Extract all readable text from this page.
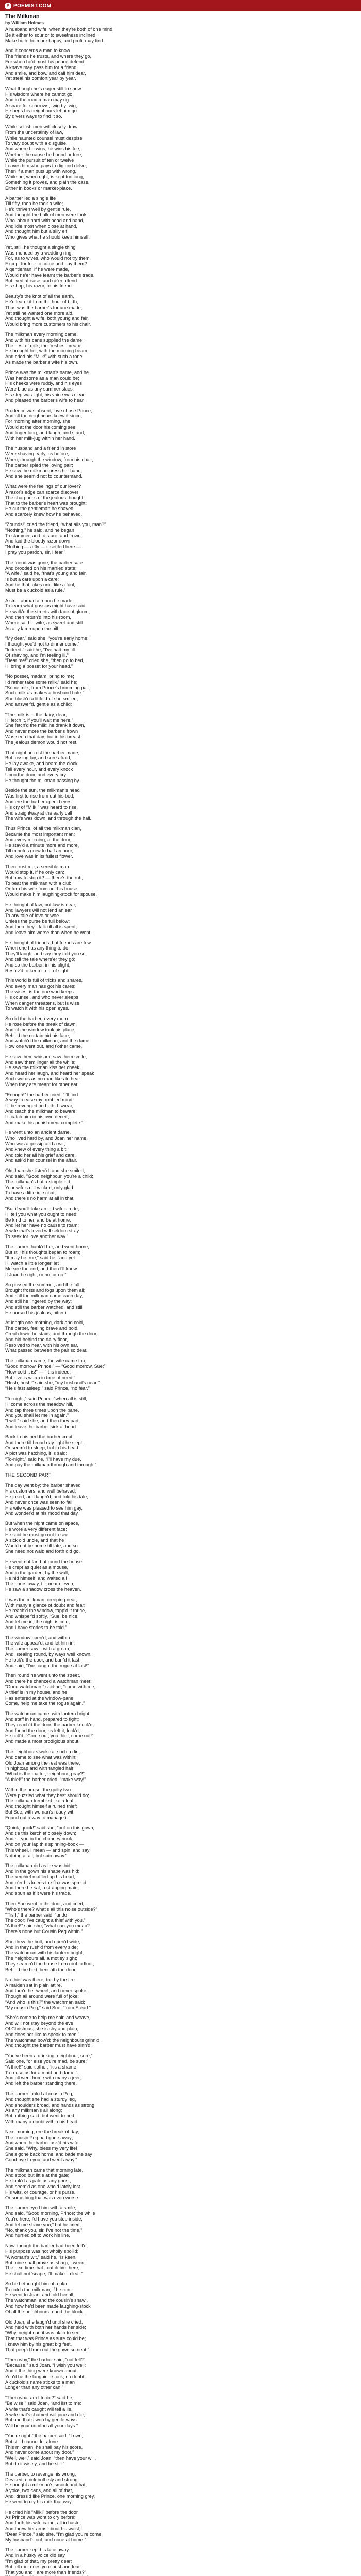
P POEMIST.COM
The Milkman
by William Holmes
A husband and wife, when they're both of one mind,
Be it either to sour or to sweetness inclined,
Make both the more happy, and profit may find.
And it concerns a man to know
The friends he trusts, and where they go,
For when he'd most his peace defend,
A knave may pass him for a friend,
And smile, and bow, and call him dear,
Yet steal his comfort year by year.
What though he's eager still to show
His wisdom where he cannot go,
And in the road a man may rig
A snare for sparrows, twig by twig,
He begs his neighbours let him go
By divers ways to find it so.
While selfish men will closely draw
From the uncertainty of law,
While haunted counsel must despise
To vary doubt with a disguise,
And where he wins, he wins his fee,
Whether the cause be bound or free;
While the pursuit of ten or twelve
Leaves him who pays to dig and delve;
Then if a man puts up with wrong,
While he, when right, is kept too long,
Something it proves, and plain the case,
Either in books or market-place.
A barber led a single life
Till fifty, then he took a wife;
He'd thriven well by gentle rule,
And thought the bulk of men were fools,
Who labour hard with head and hand,
And idle most when close at hand,
And thought him but a silly elf
Who gives what he should keep himself.
Yet, still, he thought a single thing
Was mended by a wedding ring;
For, as to wives, who would not try them,
Except for fear to come and buy them?
A gentleman, if he were made,
Would ne'er have learnt the barber's trade,
But lived at ease, and ne'er attend
His shop, his razor, or his friend.
Beauty's the knot of all the earth,
He'd learnt it from the hour of birth;
Thus was the barber's fortune made,
Yet still he wanted one more aid,
And thought a wife, both young and fair,
Would bring more customers to his chair.
The milkman every morning came,
And with his cans supplied the dame;
The best of milk, the freshest cream,
He brought her, with the morning beam,
And cried his “Milk!” with such a tone
As made the barber's wife his own.
Prince was the milkman's name, and he
Was handsome as a man could be;
His cheeks were ruddy, and his eyes
Were blue as any summer skies;
His step was light, his voice was clear,
And pleased the barber's wife to hear.
Prudence was absent, love chose Prince,
And all the neighbours knew it since;
For morning after morning, she
Would at the door his coming see,
And linger long, and laugh, and stand,
With her milk-jug within her hand.
The husband and a friend in store
Were shaving early, as before,
When, through the window, from his chair,
The barber spied the loving pair;
He saw the milkman press her hand,
And she seem'd not to countermand.
What were the feelings of our lover?
A razor's edge can scarce discover
The sharpness of the jealous thought
That to the barber's heart was brought;
He cut the gentleman he shaved,
And scarcely knew how he behaved.
“Zounds!” cried the friend, “what ails you, man?”
“Nothing,” he said, and he began
To stammer, and to stare, and frown,
And laid the bloody razor down;
“Nothing — a fly — it settled here —
I pray you pardon, sir, I fear.”
The friend was gone; the barber sate
And brooded on his married state;
“A wife,” said he, “that's young and fair,
Is but a care upon a care;
And he that takes one, like a fool,
Must be a cuckold as a rule.”
A stroll abroad at noon he made,
To learn what gossips might have said;
He walk'd the streets with face of gloom,
And then return'd into his room,
Where sat his wife, as sweet and still
As any lamb upon the hill.
“My dear,” said she, “you're early home;
I thought you'd not to dinner come.”
“Indeed,” said he, “I've had my fill
Of shaving, and I'm feeling ill.”
“Dear me!” cried she, “then go to bed,
I'll bring a posset for your head.”
“No posset, madam, bring to me;
I'd rather take some milk,” said he;
“Some milk, from Prince's brimming pail,
Such milk as makes a husband hale.”
She blush'd a little, but she smiled,
And answer'd, gentle as a child:
“The milk is in the dairy, dear,
I'll fetch it, if you'll wait me here.”
She fetch'd the milk; he drank it down,
And never more the barber's frown
Was seen that day; but in his breast
The jealous demon would not rest.
That night no rest the barber made,
But tossing lay, and sore afraid;
He lay awake, and heard the clock
Tell every hour, and every knock
Upon the door, and every cry
He thought the milkman passing by.
Beside the sun, the milkman's head
Was first to rise from out his bed;
And ere the barber open'd eyes,
His cry of “Milk!” was heard to rise,
And straightway at the early call
The wife was down, and through the hall.
Thus Prince, of all the milkman clan,
Became the most important man;
And every morning, at the door,
He stay'd a minute more and more,
Till minutes grew to half an hour,
And love was in its fullest flower.
Then trust me, a sensible man
Would stop it, if he only can;
But how to stop it? — there's the rub;
To beat the milkman with a club,
Or turn his wife from out his house,
Would make him laughing-stock for spouse.
He thought of law; but law is dear,
And lawyers will not lend an ear
To any tale of love or woe
Unless the purse be full below;
And then they'll talk till all is spent,
And leave him worse than when he went.
He thought of friends; but friends are few
When one has any thing to do;
They'll laugh, and say they told you so,
And tell the tale where'er they go;
And so the barber, in his plight,
Resolv'd to keep it out of sight.
This world is full of tricks and snares,
And every man has got his cares;
The wisest is the one who keeps
His counsel, and who never sleeps
When danger threatens, but is wise
To watch it with his open eyes.
So did the barber: every morn
He rose before the break of dawn,
And at the window took his place,
Behind the curtain hid his face,
And watch'd the milkman, and the dame,
How one went out, and t'other came.
He saw them whisper, saw them smile,
And saw them linger all the while;
He saw the milkman kiss her cheek,
And heard her laugh, and heard her speak
Such words as no man likes to hear
When they are meant for other ear.
“Enough!” the barber cried; “I'll find
A way to ease my troubled mind;
I'll be revenged on both, I swear,
And teach the milkman to beware;
I'll catch him in his own deceit,
And make his punishment complete.”
He went unto an ancient dame,
Who lived hard by, and Joan her name,
Who was a gossip and a wit,
And knew of every thing a bit;
And told her all his grief and care,
And ask'd her counsel in the affair.
Old Joan she listen'd, and she smiled,
And said, “Good neighbour, you're a child;
The milkman's but a simple lad,
Your wife's not wicked, only glad
To have a little idle chat,
And there's no harm at all in that.
“But if you'll take an old wife's rede,
I'll tell you what you ought to need:
Be kind to her, and be at home,
And let her have no cause to roam;
A wife that's loved will seldom stray
To seek for love another way.”
The barber thank'd her, and went home,
But still his thoughts began to roam;
“It may be true,” said he, “and yet
I'll watch a little longer, let
Me see the end, and then I'll know
If Joan be right, or no, or no.”
So passed the summer, and the fall
Brought frosts and fogs upon them all;
And still the milkman came each day,
And still he lingered by the way;
And still the barber watched, and still
He nursed his jealous, bitter ill.
At length one morning, dark and cold,
The barber, feeling brave and bold,
Crept down the stairs, and through the door,
And hid behind the dairy floor,
Resolved to hear, with his own ear,
What passed between the pair so dear.
The milkman came; the wife came too;
“Good morrow, Prince,” — “Good morrow, Sue;”
“How cold it is!” — “It is indeed;
But love is warm in time of need.”
“Hush, hush!” said she, “my husband's near;”
“He's fast asleep,” said Prince, “no fear.”
“To-night,” said Prince, “when all is still,
I'll come across the meadow hill,
And tap three times upon the pane,
And you shall let me in again.”
“I will,” said she; and then they part,
And leave the barber sick at heart.
Back to his bed the barber crept,
And there till broad day-light he slept,
Or seem'd to sleep; but in his head
A plot was hatching, it is said:
“To-night,” said he, “I'll have my due,
And pay the milkman through and through.”
THE SECOND PART
The day went by; the barber shaved
His customers, and well behaved;
He joked, and laugh'd, and told his tale,
And never once was seen to fail;
His wife was pleased to see him gay,
And wonder'd at his mood that day.
But when the night came on apace,
He wore a very different face;
He said he must go out to see
A sick old uncle, and that he
Would not be home till late, and so
She need not wait; and forth did go.
He went not far; but round the house
He crept as quiet as a mouse,
And in the garden, by the wall,
He hid himself, and waited all
The hours away, till, near eleven,
He saw a shadow cross the heaven.
It was the milkman, creeping near,
With many a glance of doubt and fear;
He reach'd the window, tapp'd it thrice,
And whisper'd softly, “Sue, be nice,
And let me in, the night is cold,
And I have stories to be told.”
The window open'd; and within
The wife appear'd, and let him in;
The barber saw it with a groan,
And, stealing round, by ways well known,
He lock'd the door, and barr'd it fast,
And said, “I've caught the rogue at last!”
Then round he went unto the street,
And there he chanced a watchman meet;
“Good watchman,” said he, “come with me,
A thief is in my house, and he
Has entered at the window-pane;
Come, help me take the rogue again.”
The watchman came, with lantern bright,
And staff in hand, prepared to fight;
They reach'd the door; the barber knock'd,
And found the door, as left it, lock'd;
He call'd, “Come out, you thief, come out!”
And made a most prodigious shout.
The neighbours woke at such a din,
And came to see what was within;
Old Joan among the rest was there,
In nightcap and with tangled hair;
“What is the matter, neighbour, pray?”
“A thief!” the barber cried, “make way!”
Within the house, the guilty two
Were puzzled what they best should do;
The milkman trembled like a leaf,
And thought himself a ruined thief;
But Sue, with woman's ready wit,
Found out a way to manage it.
“Quick, quick!” said she, “put on this gown,
And tie this kerchief closely down;
And sit you in the chimney nook,
And on your lap this spinning-book —
This wheel, I mean — and spin, and say
Nothing at all, but spin away.”
The milkman did as he was bid,
And in the gown his shape was hid;
The kerchief muffled up his head,
And o'er his knees the flax was spread;
And there he sat, a strapping maid,
And spun as if it were his trade.
Then Sue went to the door, and cried,
“Who's there? what's all this noise outside?”
“'Tis I,” the barber said; “undo
The door; I've caught a thief with you.”
“A thief!” said she; “what can you mean?
There's none but Cousin Peg within.”
She drew the bolt, and open'd wide,
And in they rush'd from every side;
The watchman with his lantern bright,
The neighbours all, a motley sight;
They search'd the house from roof to floor,
Behind the bed, beneath the door.
No thief was there; but by the fire
A maiden sat in plain attire,
And turn'd her wheel, and never spoke,
Though all around were full of joke;
“And who is this?” the watchman said;
“My cousin Peg,” said Sue, “from Stead.”
“She's come to help me spin and weave,
And will not stay beyond the eve
Of Christmas; she is shy and plain,
And does not like to speak to men.”
The watchman bow'd; the neighbours grinn'd,
And thought the barber must have sinn'd.
“You've been a drinking, neighbour, sure,”
Said one, “or else you're mad, be sure;”
“A thief!” said t'other, “it's a shame
To rouse us for a maid and dame.”
And all went home with many a jeer,
And left the barber standing there.
The barber look'd at cousin Peg,
And thought she had a sturdy leg,
And shoulders broad, and hands as strong
As any milkman's all along;
But nothing said, but went to bed,
With many a doubt within his head.
Next morning, ere the break of day,
The cousin Peg had gone away;
And when the barber ask'd his wife,
She said, “Why, bless my very life!
She's gone back home, and bade me say
Good-bye to you, and went away.”
The milkman came that morning late,
And stood but little at the gate;
He look'd as pale as any ghost,
And seem'd as one who'd lately lost
His wits, or courage, or his purse,
Or something that was even worse.
The barber eyed him with a smile,
And said, “Good morning, Prince; the while
You're here, I'd have you step inside,
And let me shave you;” but he cried,
“No, thank you, sir, I've not the time,”
And hurried off to work his line.
Now, though the barber had been foil'd,
His purpose was not wholly spoil'd;
“A woman's wit,” said he, “is keen,
But mine shall prove as sharp, I ween;
The next time that I catch him here,
He shall not 'scape, I'll make it clear.”
So he bethought him of a plan
To catch the milkman, if he can;
He went to Joan, and told her all,
The watchman, and the cousin's shawl,
And how he'd been made laughing-stock
Of all the neighbours round the block.
Old Joan, she laugh'd until she cried,
And held with both her hands her side;
“Why, neighbour, it was plain to see
That that was Prince as sure could be;
I knew him by his great big feet,
That peep'd from out the gown so neat.”
“Then why,” the barber said, “not tell?”
“Because,” said Joan, “I wish you well;
And if the thing were known about,
You'd be the laughing-stock, no doubt;
A cuckold's name sticks to a man
Longer than any other can.”
“Then what am I to do?” said he;
“Be wise,” said Joan, “and list to me:
A wife that's caught will tell a lie,
A wife that's shamed will pine and die;
But one that's won by gentle ways
Will be your comfort all your days.”
“You're right,” the barber said, “I own;
But still I cannot let alone
This milkman; he shall pay his score,
And never come about my door.”
“Well, well,” said Joan, “then have your will,
But do it wisely, and be still.”
The barber, to revenge his wrong,
Devised a trick both sly and strong;
He bought a milkman's smock and hat,
A yoke, two cans, and all of that,
And, dress'd like Prince, one morning grey,
He went to cry his milk that way.
He cried his “Milk!” before the door,
As Prince was wont to cry before;
And forth his wife came, all in haste,
And threw her arms about his waist;
“Dear Prince,” said she, “I'm glad you're come,
My husband's out, and none at home.”
The barber kept his face away,
And in a husky voice did say,
“I'm glad of that, my pretty dear;
But tell me, does your husband fear
That you and I are more than friends?”
